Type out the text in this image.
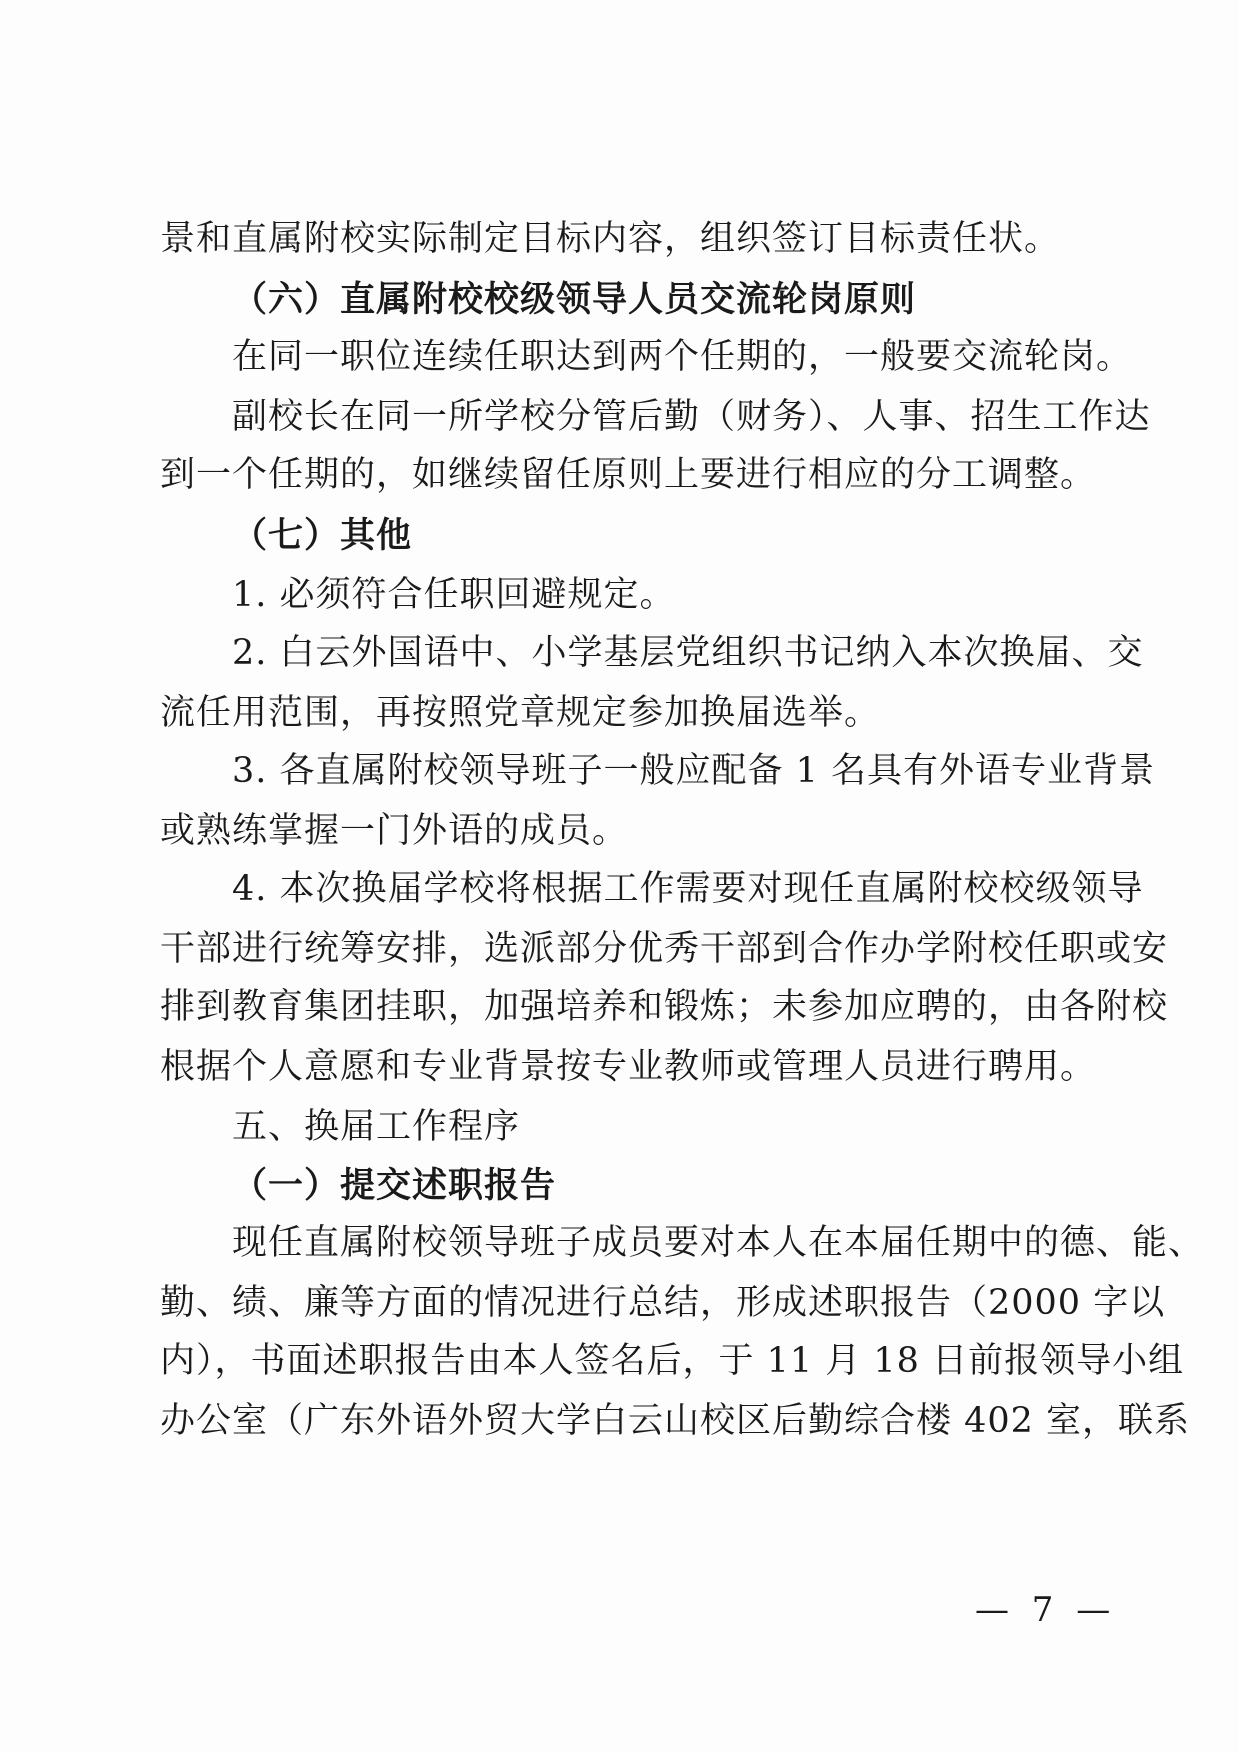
景和直属附校实际制定目标内容，组织签订目标责任状。
（六）直属附校校级领导人员交流轮岗原则
在同一职位连续任职达到两个任期的，一般要交流轮岗。
副校长在同一所学校分管后勤（财务）、人事、招生工作达
到一个任期的，如继续留任原则上要进行相应的分工调整。
（七）其他
1. 必须符合任职回避规定。
2. 白云外国语中、小学基层党组织书记纳入本次换届、交
流任用范围，再按照党章规定参加换届选举。
3. 各直属附校领导班子一般应配备 1 名具有外语专业背景
或熟练掌握一门外语的成员。
4. 本次换届学校将根据工作需要对现任直属附校校级领导
干部进行统筹安排，选派部分优秀干部到合作办学附校任职或安
排到教育集团挂职，加强培养和锻炼；未参加应聘的，由各附校
根据个人意愿和专业背景按专业教师或管理人员进行聘用。
五、换届工作程序
（一）提交述职报告
现任直属附校领导班子成员要对本人在本届任期中的德、能、
勤、绩、廉等方面的情况进行总结，形成述职报告（2000 字以
内），书面述职报告由本人签名后，于 11 月 18 日前报领导小组
办公室（广东外语外贸大学白云山校区后勤综合楼 402 室，联系
— 7 —
